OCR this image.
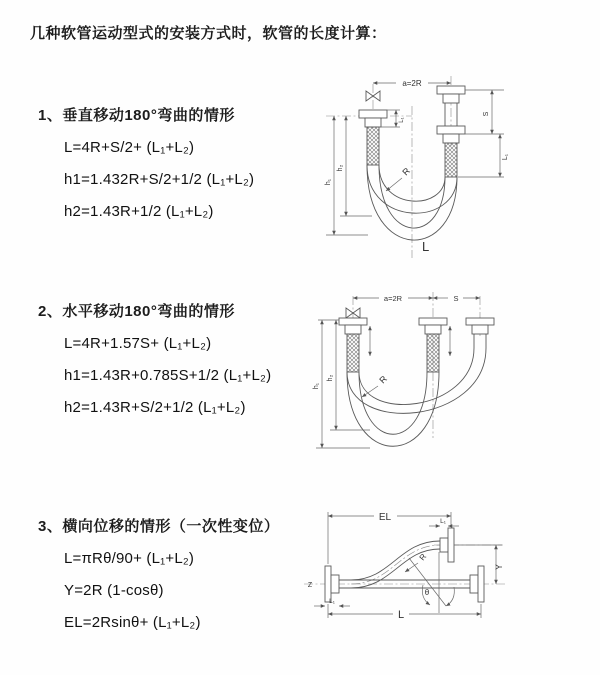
几种软管运动型式的安装方式时，软管的长度计算：
1、垂直移动180°弯曲的情形
L=4R+S/2+ (L₁+L₂)
h1=1.432R+S/2+1/2 (L₁+L₂)
h2=1.43R+1/2 (L₁+L₂)
2、水平移动180°弯曲的情形
L=4R+1.57S+ (L₁+L₂)
h1=1.43R+0.785S+1/2 (L₁+L₂)
h2=1.43R+S/2+1/2 (L₁+L₂)
3、横向位移的情形（一次性变位）
L=πRθ/90+ (L₁+L₂)
Y=2R (1-cosθ)
EL=2Rsinθ+ (L₁+L₂)
a=2R
R
L
h₁
h₂
S
L₁
L₁
a=2R	S
R
h₁
h₂
Z
EL	L₁
Y
θ
R
L
L₁
